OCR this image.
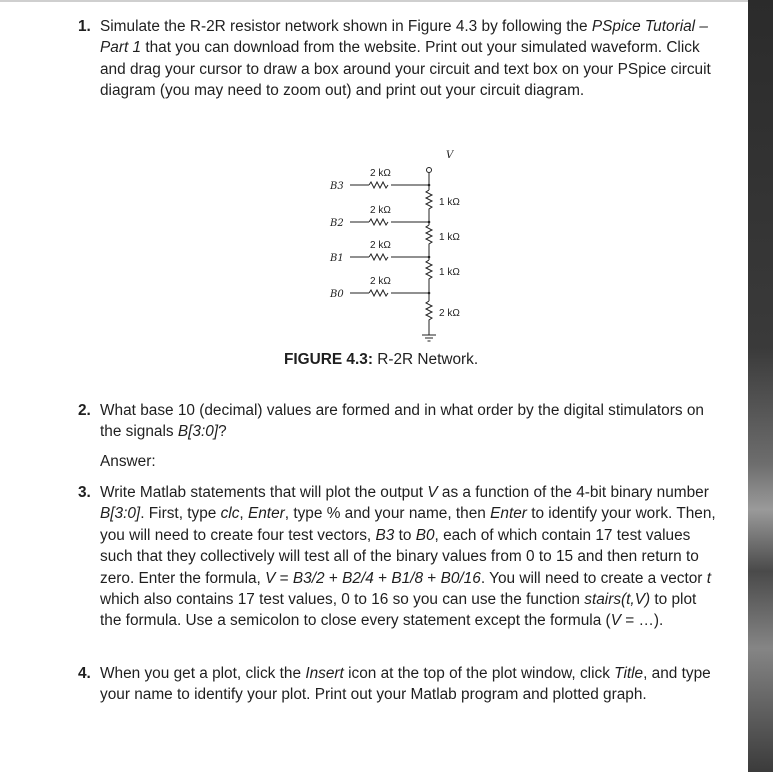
1. Simulate the R-2R resistor network shown in Figure 4.3 by following the PSpice Tutorial – Part 1 that you can download from the website. Print out your simulated waveform. Click and drag your cursor to draw a box around your circuit and text box on your PSpice circuit diagram (you may need to zoom out) and print out your circuit diagram.
V
B3
B2
B1
B0
2 kΩ
2 kΩ
2 kΩ
2 kΩ
1 kΩ
1 kΩ
1 kΩ
2 kΩ
FIGURE 4.3: R-2R Network.
2. What base 10 (decimal) values are formed and in what order by the digital stimulators on the signals B[3:0]?
Answer:
3. Write Matlab statements that will plot the output V as a function of the 4-bit binary number B[3:0]. First, type clc, Enter, type % and your name, then Enter to identify your work. Then, you will need to create four test vectors, B3 to B0, each of which contain 17 test values such that they collectively will test all of the binary values from 0 to 15 and then return to zero. Enter the formula, V = B3/2 + B2/4 + B1/8 + B0/16. You will need to create a vector t which also contains 17 test values, 0 to 16 so you can use the function stairs(t,V) to plot the formula. Use a semicolon to close every statement except the formula (V = …).
4. When you get a plot, click the Insert icon at the top of the plot window, click Title, and type your name to identify your plot. Print out your Matlab program and plotted graph.
